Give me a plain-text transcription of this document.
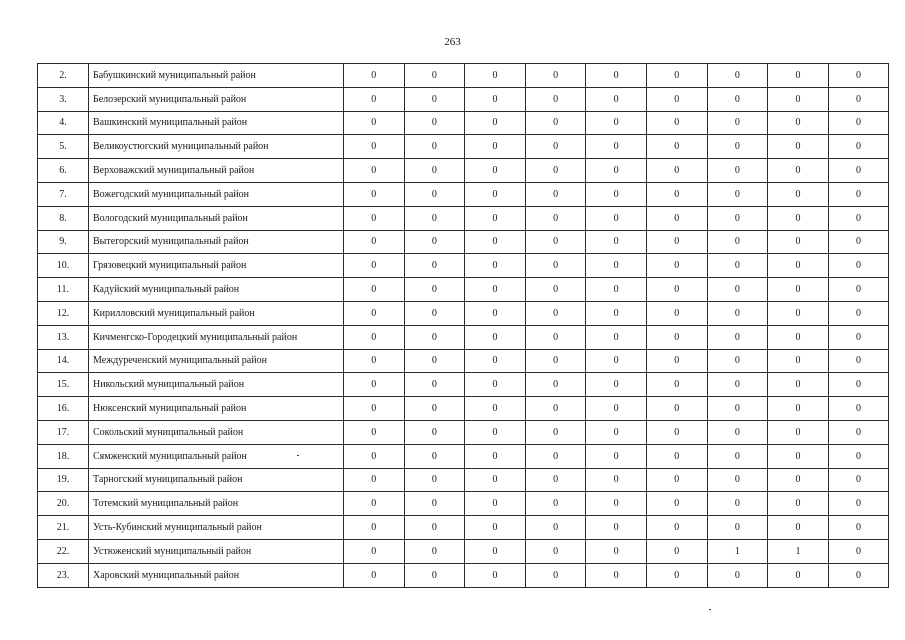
263
2.	Бабушкинский муниципальный район	0	0	0	0	0	0	0	0	0
3.	Белозерский муниципальный район	0	0	0	0	0	0	0	0	0
4.	Вашкинский муниципальный район	0	0	0	0	0	0	0	0	0
5.	Великоустюгский муниципальный район	0	0	0	0	0	0	0	0	0
6.	Верховажский муниципальный район	0	0	0	0	0	0	0	0	0
7.	Вожегодский муниципальный район	0	0	0	0	0	0	0	0	0
8.	Вологодский муниципальный район	0	0	0	0	0	0	0	0	0
9.	Вытегорский муниципальный район	0	0	0	0	0	0	0	0	0
10.	Грязовецкий муниципальный район	0	0	0	0	0	0	0	0	0
11.	Кадуйский муниципальный район	0	0	0	0	0	0	0	0	0
12.	Кирилловский муниципальный район	0	0	0	0	0	0	0	0	0
13.	Кичменгско-Городецкий муниципальный район	0	0	0	0	0	0	0	0	0
14.	Междуреченский муниципальный район	0	0	0	0	0	0	0	0	0
15.	Никольский муниципальный район	0	0	0	0	0	0	0	0	0
16.	Нюксенский муниципальный район	0	0	0	0	0	0	0	0	0
17.	Сокольский муниципальный район	0	0	0	0	0	0	0	0	0
18.	Сямженский муниципальный район	0	0	0	0	0	0	0	0	0
19.	Тарногский муниципальный район	0	0	0	0	0	0	0	0	0
20.	Тотемский муниципальный район	0	0	0	0	0	0	0	0	0
21.	Усть-Кубинский муниципальный район	0	0	0	0	0	0	0	0	0
22.	Устюженский муниципальный район	0	0	0	0	0	0	1	1	0
23.	Харовский муниципальный район	0	0	0	0	0	0	0	0	0
